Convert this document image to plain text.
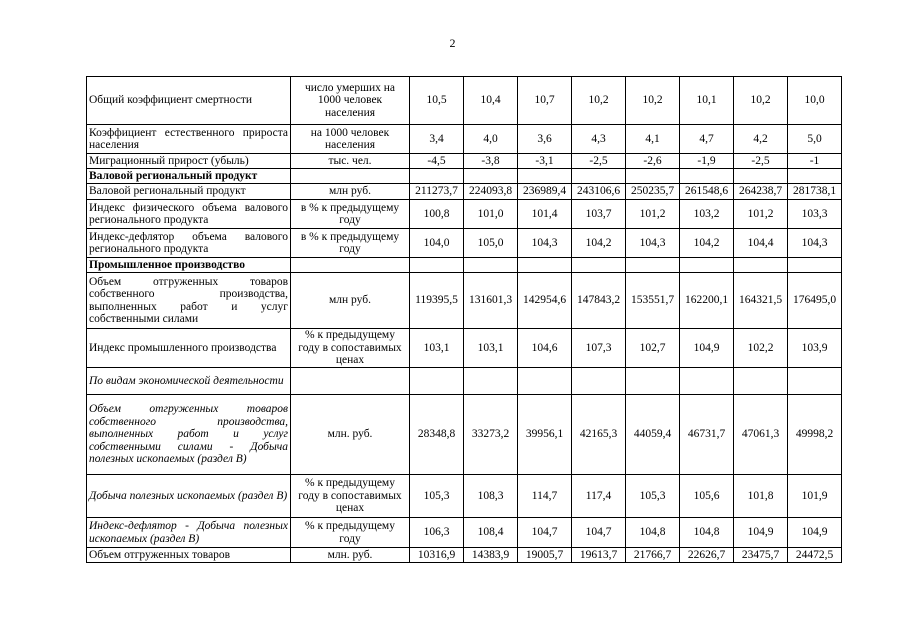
2
Общий коэффициент смертности	число умерших на 1000 человек населения	10,5	10,4	10,7	10,2	10,2	10,1	10,2	10,0
Коэффициент естественного прироста населения	на 1000 человек населения	3,4	4,0	3,6	4,3	4,1	4,7	4,2	5,0
Миграционный прирост (убыль)	тыс. чел.	-4,5	-3,8	-3,1	-2,5	-2,6	-1,9	-2,5	-1
Валовой региональный продукт									
Валовой региональный продукт	млн руб.	211273,7	224093,8	236989,4	243106,6	250235,7	261548,6	264238,7	281738,1
Индекс физического объема валового регионального продукта	в % к предыдущему году	100,8	101,0	101,4	103,7	101,2	103,2	101,2	103,3
Индекс-дефлятор объема валового регионального продукта	в % к предыдущему году	104,0	105,0	104,3	104,2	104,3	104,2	104,4	104,3
Промышленное производство									
Объем отгруженных товаров собственного производства, выполненных работ и услуг собственными силами	млн руб.	119395,5	131601,3	142954,6	147843,2	153551,7	162200,1	164321,5	176495,0
Индекс промышленного производства	% к предыдущему году в сопоставимых ценах	103,1	103,1	104,6	107,3	102,7	104,9	102,2	103,9
По видам экономической деятельности									
Объем отгруженных товаров собственного производства, выполненных работ и услуг собственными силами - Добыча полезных ископаемых (раздел B)	млн. руб.	28348,8	33273,2	39956,1	42165,3	44059,4	46731,7	47061,3	49998,2
Добыча полезных ископаемых (раздел B)	% к предыдущему году в сопоставимых ценах	105,3	108,3	114,7	117,4	105,3	105,6	101,8	101,9
Индекс-дефлятор - Добыча полезных ископаемых (раздел B)	% к предыдущему году	106,3	108,4	104,7	104,7	104,8	104,8	104,9	104,9
Объем отгруженных товаров	млн. руб.	10316,9	14383,9	19005,7	19613,7	21766,7	22626,7	23475,7	24472,5
